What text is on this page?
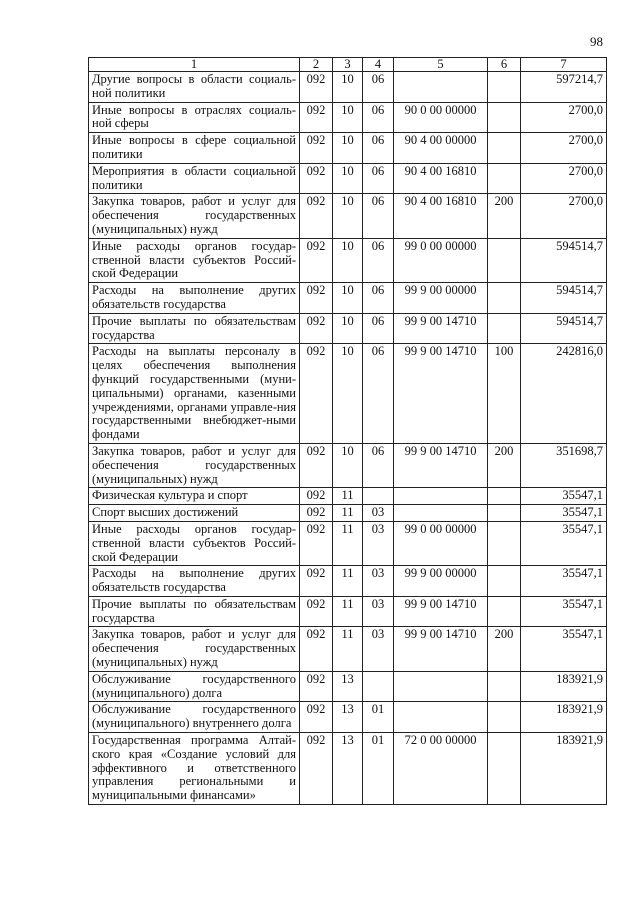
98
1	2	3	4	5	6	7
Другие вопросы в области социаль-ной политики	092	10	06			597214,7
Иные вопросы в отраслях социаль-ной сферы	092	10	06	90 0 00 00000		2700,0
Иные вопросы в сфере социальной политики	092	10	06	90 4 00 00000		2700,0
Мероприятия в области социальной политики	092	10	06	90 4 00 16810		2700,0
Закупка товаров, работ и услуг для обеспечения государственных (муниципальных) нужд	092	10	06	90 4 00 16810	200	2700,0
Иные расходы органов государ-ственной власти субъектов Россий-ской Федерации	092	10	06	99 0 00 00000		594514,7
Расходы на выполнение других обязательств государства	092	10	06	99 9 00 00000		594514,7
Прочие выплаты по обязательствам государства	092	10	06	99 9 00 14710		594514,7
Расходы на выплаты персоналу в целях обеспечения выполнения функций государственными (муни-ципальными) органами, казенными учреждениями, органами управле-ния государственными внебюджет-ными фондами	092	10	06	99 9 00 14710	100	242816,0
Закупка товаров, работ и услуг для обеспечения государственных (муниципальных) нужд	092	10	06	99 9 00 14710	200	351698,7
Физическая культура и спорт	092	11				35547,1
Спорт высших достижений	092	11	03			35547,1
Иные расходы органов государ-ственной власти субъектов Россий-ской Федерации	092	11	03	99 0 00 00000		35547,1
Расходы на выполнение других обязательств государства	092	11	03	99 9 00 00000		35547,1
Прочие выплаты по обязательствам государства	092	11	03	99 9 00 14710		35547,1
Закупка товаров, работ и услуг для обеспечения государственных (муниципальных) нужд	092	11	03	99 9 00 14710	200	35547,1
Обслуживание государственного (муниципального) долга	092	13				183921,9
Обслуживание государственного (муниципального) внутреннего долга	092	13	01			183921,9
Государственная программа Алтай-ского края «Создание условий для эффективного и ответственного управления региональными и муниципальными финансами»	092	13	01	72 0 00 00000		183921,9
